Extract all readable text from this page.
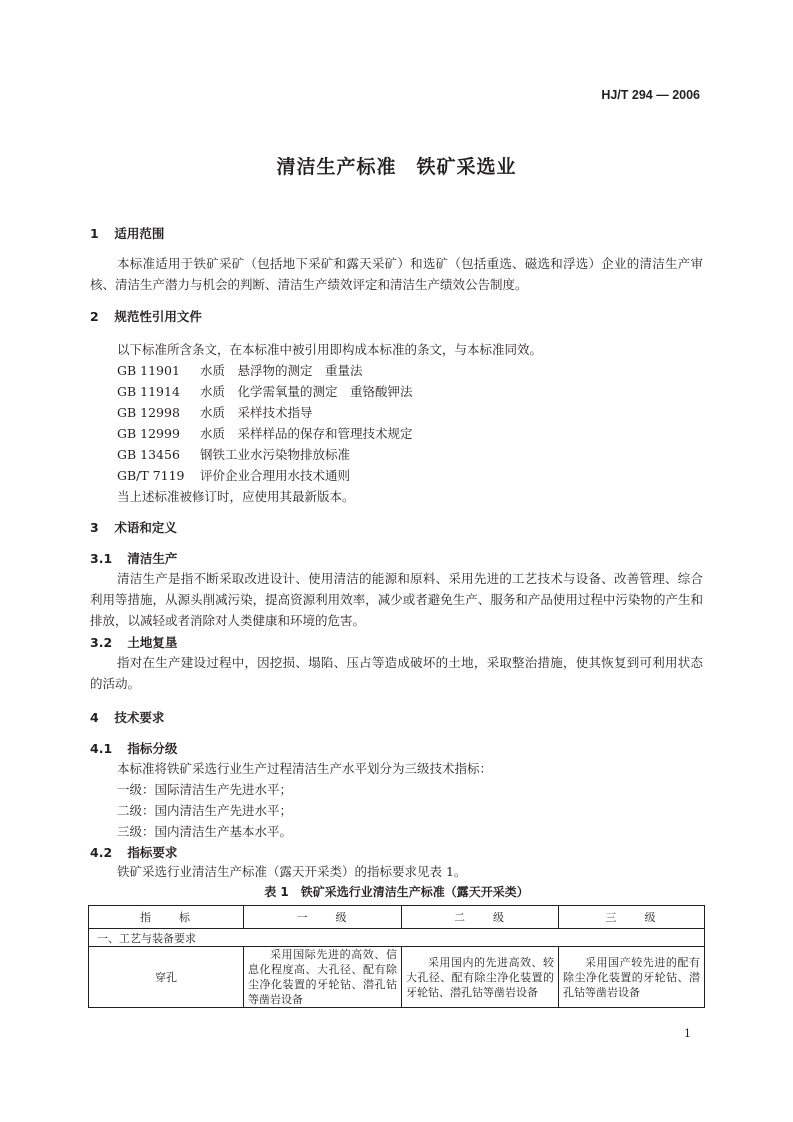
HJ/T 294 — 2006
清洁生产标准　铁矿采选业
1 适用范围
本标准适用于铁矿采矿（包括地下采矿和露天采矿）和选矿（包括重选、磁选和浮选）企业的清洁生产审核、清洁生产潜力与机会的判断、清洁生产绩效评定和清洁生产绩效公告制度。
2 规范性引用文件
以下标准所含条文，在本标准中被引用即构成本标准的条文，与本标准同效。
GB 11901 水质　悬浮物的测定　重量法
GB 11914 水质　化学需氧量的测定　重铬酸钾法
GB 12998 水质　采样技术指导
GB 12999 水质　采样样品的保存和管理技术规定
GB 13456 钢铁工业水污染物排放标准
GB/T 7119 评价企业合理用水技术通则
当上述标准被修订时，应使用其最新版本。
3 术语和定义
3.1 清洁生产
清洁生产是指不断采取改进设计、使用清洁的能源和原料、采用先进的工艺技术与设备、改善管理、综合利用等措施，从源头削减污染，提高资源利用效率，减少或者避免生产、服务和产品使用过程中污染物的产生和排放，以减轻或者消除对人类健康和环境的危害。
3.2 土地复垦
指对在生产建设过程中，因挖损、塌陷、压占等造成破坏的土地，采取整治措施，使其恢复到可利用状态的活动。
4 技术要求
4.1 指标分级
本标准将铁矿采选行业生产过程清洁生产水平划分为三级技术指标：
一级：国际清洁生产先进水平；
二级：国内清洁生产先进水平；
三级：国内清洁生产基本水平。
4.2 指标要求
铁矿采选行业清洁生产标准（露天开采类）的指标要求见表 1。
表 1　铁矿采选行业清洁生产标准（露天开采类）
指　　标	一　　级	二　　级	三　　级
一、工艺与装备要求			
穿孔	采用国际先进的高效、信息化程度高、大孔径、配有除尘净化装置的牙轮钻、潜孔钻等凿岩设备	采用国内的先进高效、较大孔径、配有除尘净化装置的牙轮钻、潜孔钻等凿岩设备	采用国产较先进的配有除尘净化装置的牙轮钻、潜孔钻等凿岩设备
1
